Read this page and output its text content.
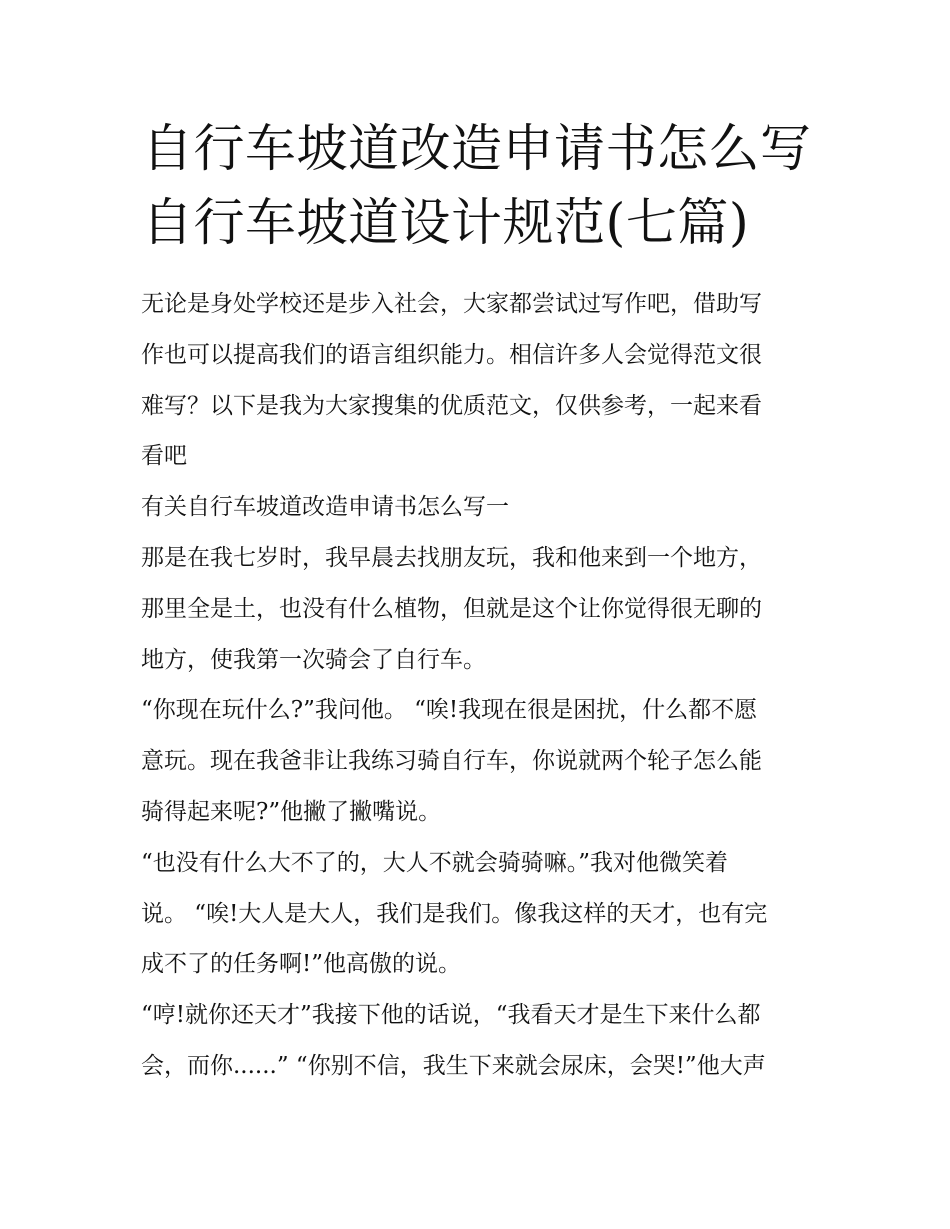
自行车坡道改造申请书怎么写
自行车坡道设计规范(七篇)

无论是身处学校还是步入社会，大家都尝试过写作吧，借助写
作也可以提高我们的语言组织能力。相信许多人会觉得范文很
难写？以下是我为大家搜集的优质范文，仅供参考，一起来看
看吧

有关自行车坡道改造申请书怎么写一

那是在我七岁时，我早晨去找朋友玩，我和他来到一个地方，
那里全是土，也没有什么植物，但就是这个让你觉得很无聊的
地方，使我第一次骑会了自行车。

“你现在玩什么?”我问他。 “唉!我现在很是困扰，什么都不愿
意玩。现在我爸非让我练习骑自行车，你说就两个轮子怎么能
骑得起来呢?”他撇了撇嘴说。

“也没有什么大不了的，大人不就会骑骑嘛。”我对他微笑着
说。 “唉!大人是大人，我们是我们。像我这样的天才，也有完
成不了的任务啊!”他高傲的说。

“哼!就你还天才”我接下他的话说，“我看天才是生下来什么都
会，而你......” “你别不信，我生下来就会尿床，会哭!”他大声
